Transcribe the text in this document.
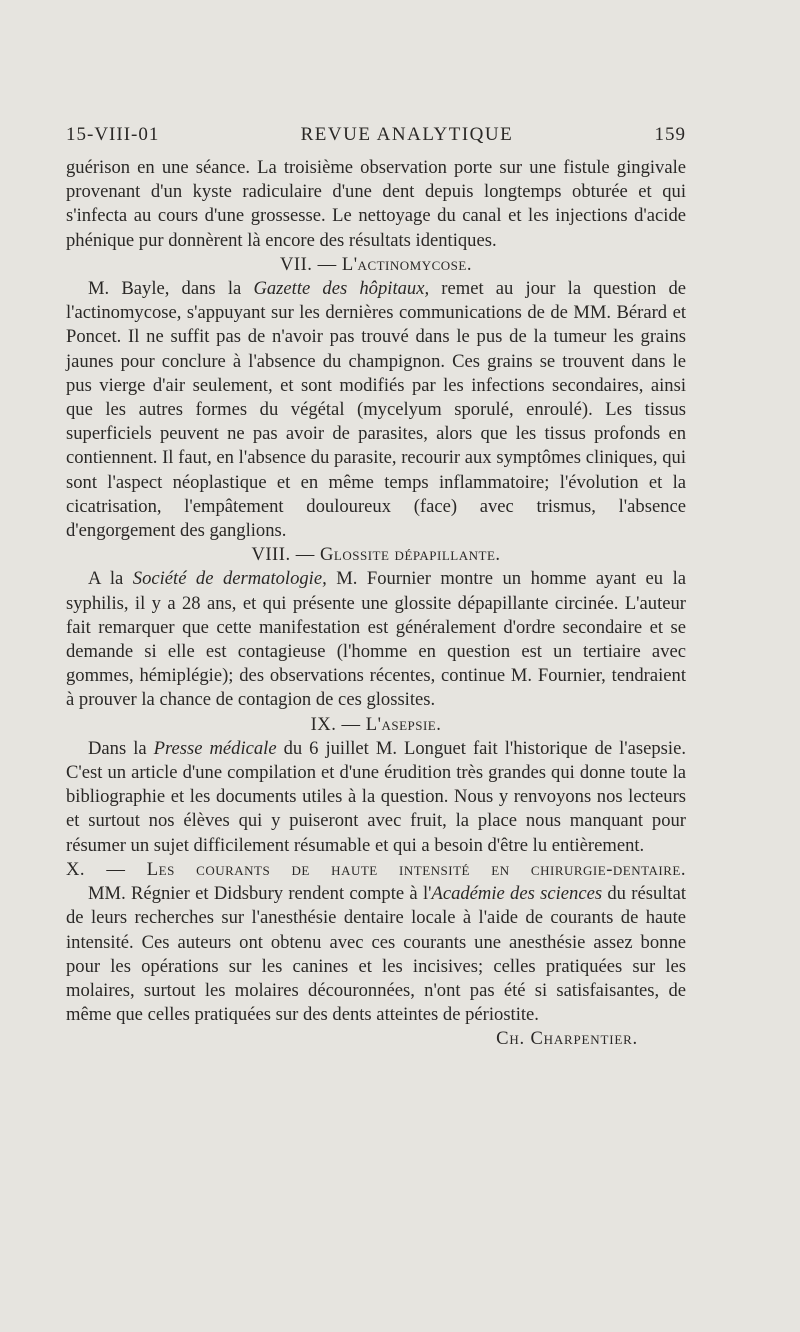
15-VIII-01	REVUE ANALYTIQUE	159

guérison en une séance. La troisième observation porte sur une fistule gingivale provenant d'un kyste radiculaire d'une dent depuis longtemps obturée et qui s'infecta au cours d'une grossesse. Le nettoyage du canal et les injections d'acide phénique pur donnèrent là encore des résultats identiques.

VII. — L'actinomycose.

M. Bayle, dans la Gazette des hôpitaux, remet au jour la question de l'actinomycose, s'appuyant sur les dernières communications de de MM. Bérard et Poncet. Il ne suffit pas de n'avoir pas trouvé dans le pus de la tumeur les grains jaunes pour conclure à l'absence du champignon. Ces grains se trouvent dans le pus vierge d'air seulement, et sont modifiés par les infections secondaires, ainsi que les autres formes du végétal (mycelyum sporulé, enroulé). Les tissus superficiels peuvent ne pas avoir de parasites, alors que les tissus profonds en contiennent. Il faut, en l'absence du parasite, recourir aux symptômes cliniques, qui sont l'aspect néoplastique et en même temps inflammatoire; l'évolution et la cicatrisation, l'empâtement douloureux (face) avec trismus, l'absence d'engorgement des ganglions.

VIII. — Glossite dépapillante.

A la Société de dermatologie, M. Fournier montre un homme ayant eu la syphilis, il y a 28 ans, et qui présente une glossite dépapillante circinée. L'auteur fait remarquer que cette manifestation est généralement d'ordre secondaire et se demande si elle est contagieuse (l'homme en question est un tertiaire avec gommes, hémiplégie); des observations récentes, continue M. Fournier, tendraient à prouver la chance de contagion de ces glossites.

IX. — L'asepsie.

Dans la Presse médicale du 6 juillet M. Longuet fait l'historique de l'asepsie. C'est un article d'une compilation et d'une érudition très grandes qui donne toute la bibliographie et les documents utiles à la question. Nous y renvoyons nos lecteurs et surtout nos élèves qui y puiseront avec fruit, la place nous manquant pour résumer un sujet difficilement résumable et qui a besoin d'être lu entièrement.

X. — Les courants de haute intensité en chirurgie-dentaire.

MM. Régnier et Didsbury rendent compte à l'Académie des sciences du résultat de leurs recherches sur l'anesthésie dentaire locale à l'aide de courants de haute intensité. Ces auteurs ont obtenu avec ces courants une anesthésie assez bonne pour les opérations sur les canines et les incisives; celles pratiquées sur les molaires, surtout les molaires découronnées, n'ont pas été si satisfaisantes, de même que celles pratiquées sur des dents atteintes de périostite.

Ch. Charpentier.
